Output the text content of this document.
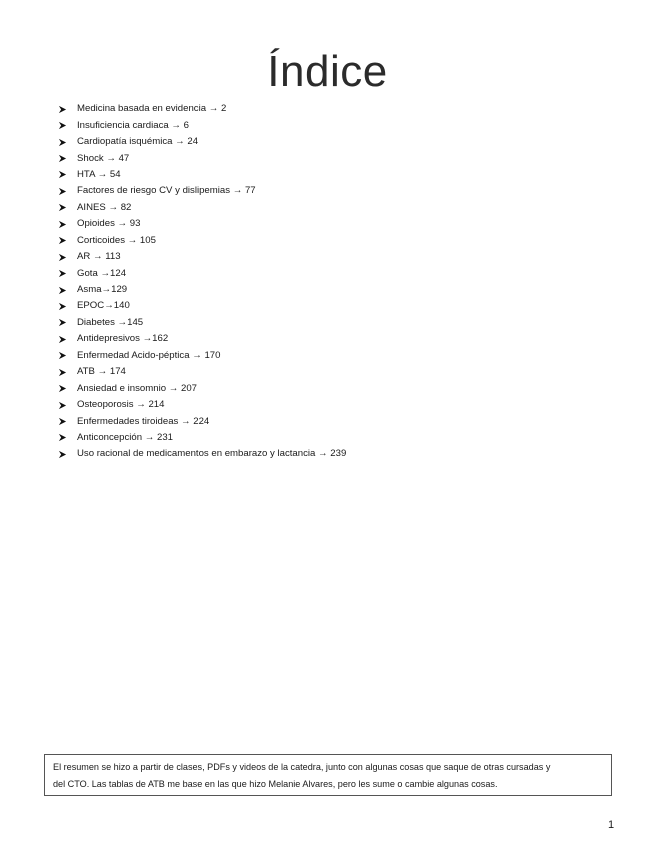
Índice
Medicina basada en evidencia → 2
Insuficiencia cardiaca → 6
Cardiopatía isquémica → 24
Shock → 47
HTA → 54
Factores de riesgo CV y dislipemias → 77
AINES → 82
Opioides → 93
Corticoides → 105
AR → 113
Gota →124
Asma→129
EPOC→140
Diabetes →145
Antidepresivos →162
Enfermedad Acido-péptica → 170
ATB → 174
Ansiedad e insomnio → 207
Osteoporosis → 214
Enfermedades tiroideas → 224
Anticoncepción → 231
Uso racional de medicamentos en embarazo y lactancia → 239
El resumen se hizo a partir de clases, PDFs y videos de la catedra, junto con algunas cosas que saque de otras cursadas y
del CTO. Las tablas de ATB me base en las que hizo Melanie Alvares, pero les sume o cambie algunas cosas.
1
